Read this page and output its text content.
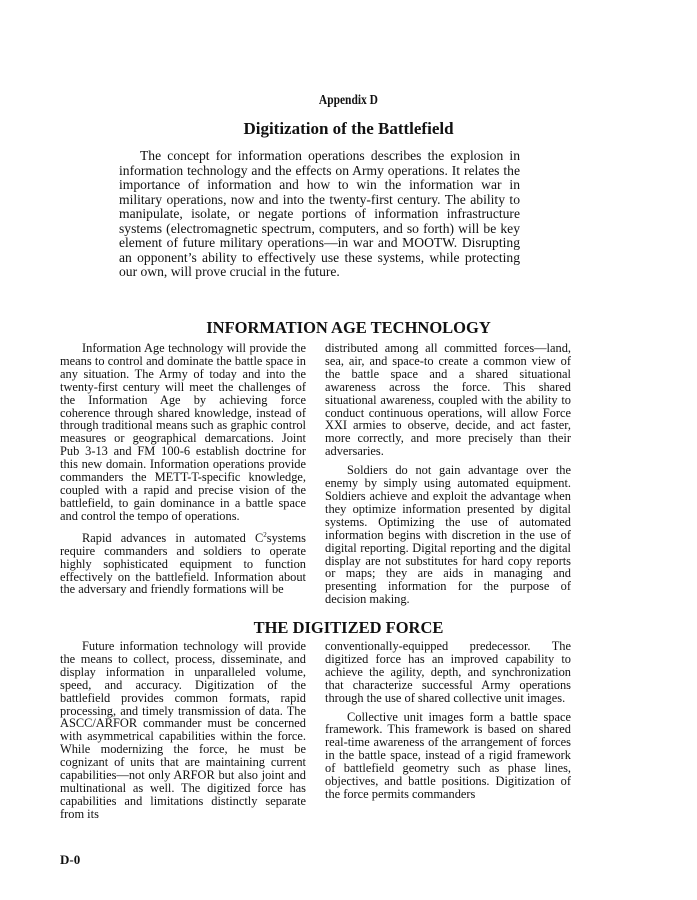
Appendix D
Digitization of the Battlefield

The concept for information operations describes the explosion in information technology and the effects on Army operations. It relates the importance of information and how to win the information war in military operations, now and into the twenty-first century. The ability to manipulate, isolate, or negate portions of information infrastructure systems (electromagnetic spectrum, computers, and so forth) will be key element of future military operations—in war and MOOTW. Disrupting an opponent’s ability to effectively use these systems, while protecting our own, will prove crucial in the future.

INFORMATION AGE TECHNOLOGY

Information Age technology will provide the means to control and dominate the battle space in any situation. The Army of today and into the twenty-first century will meet the challenges of the Information Age by achieving force coherence through shared knowledge, instead of through traditional means such as graphic control measures or geographical demarcations. Joint Pub 3-13 and FM 100-6 establish doctrine for this new domain. Information operations provide commanders the METT-T-specific knowledge, coupled with a rapid and precise vision of the battlefield, to gain dominance in a battle space and control the tempo of operations.

Rapid advances in automated $C^2systems$ require commanders and soldiers to operate highly sophisticated equipment to function effectively on the battlefield. Information about the adversary and friendly formations will be

distributed among all committed forces—land, sea, air, and space-to create a common view of the battle space and a shared situational awareness across the force. This shared situational awareness, coupled with the ability to conduct continuous operations, will allow Force XXI armies to observe, decide, and act faster, more correctly, and more precisely than their adversaries.

Soldiers do not gain advantage over the enemy by simply using automated equipment. Soldiers achieve and exploit the advantage when they optimize information presented by digital systems. Optimizing the use of automated information begins with discretion in the use of digital reporting. Digital reporting and the digital display are not substitutes for hard copy reports or maps; they are aids in managing and presenting information for the purpose of decision making.

THE DIGITIZED FORCE

Future information technology will provide the means to collect, process, disseminate, and display information in unparalleled volume, speed, and accuracy. Digitization of the battlefield provides common formats, rapid processing, and timely transmission of data. The ASCC/ARFOR commander must be concerned with asymmetrical capabilities within the force. While modernizing the force, he must be cognizant of units that are maintaining current capabilities—not only ARFOR but also joint and multinational as well. The digitized force has capabilities and limitations distinctly separate from its

conventionally-equipped predecessor. The digitized force has an improved capability to achieve the agility, depth, and synchronization that characterize successful Army operations through the use of shared collective unit images.

Collective unit images form a battle space framework. This framework is based on shared real-time awareness of the arrangement of forces in the battle space, instead of a rigid framework of battlefield geometry such as phase lines, objectives, and battle positions. Digitization of the force permits commanders

D-0
